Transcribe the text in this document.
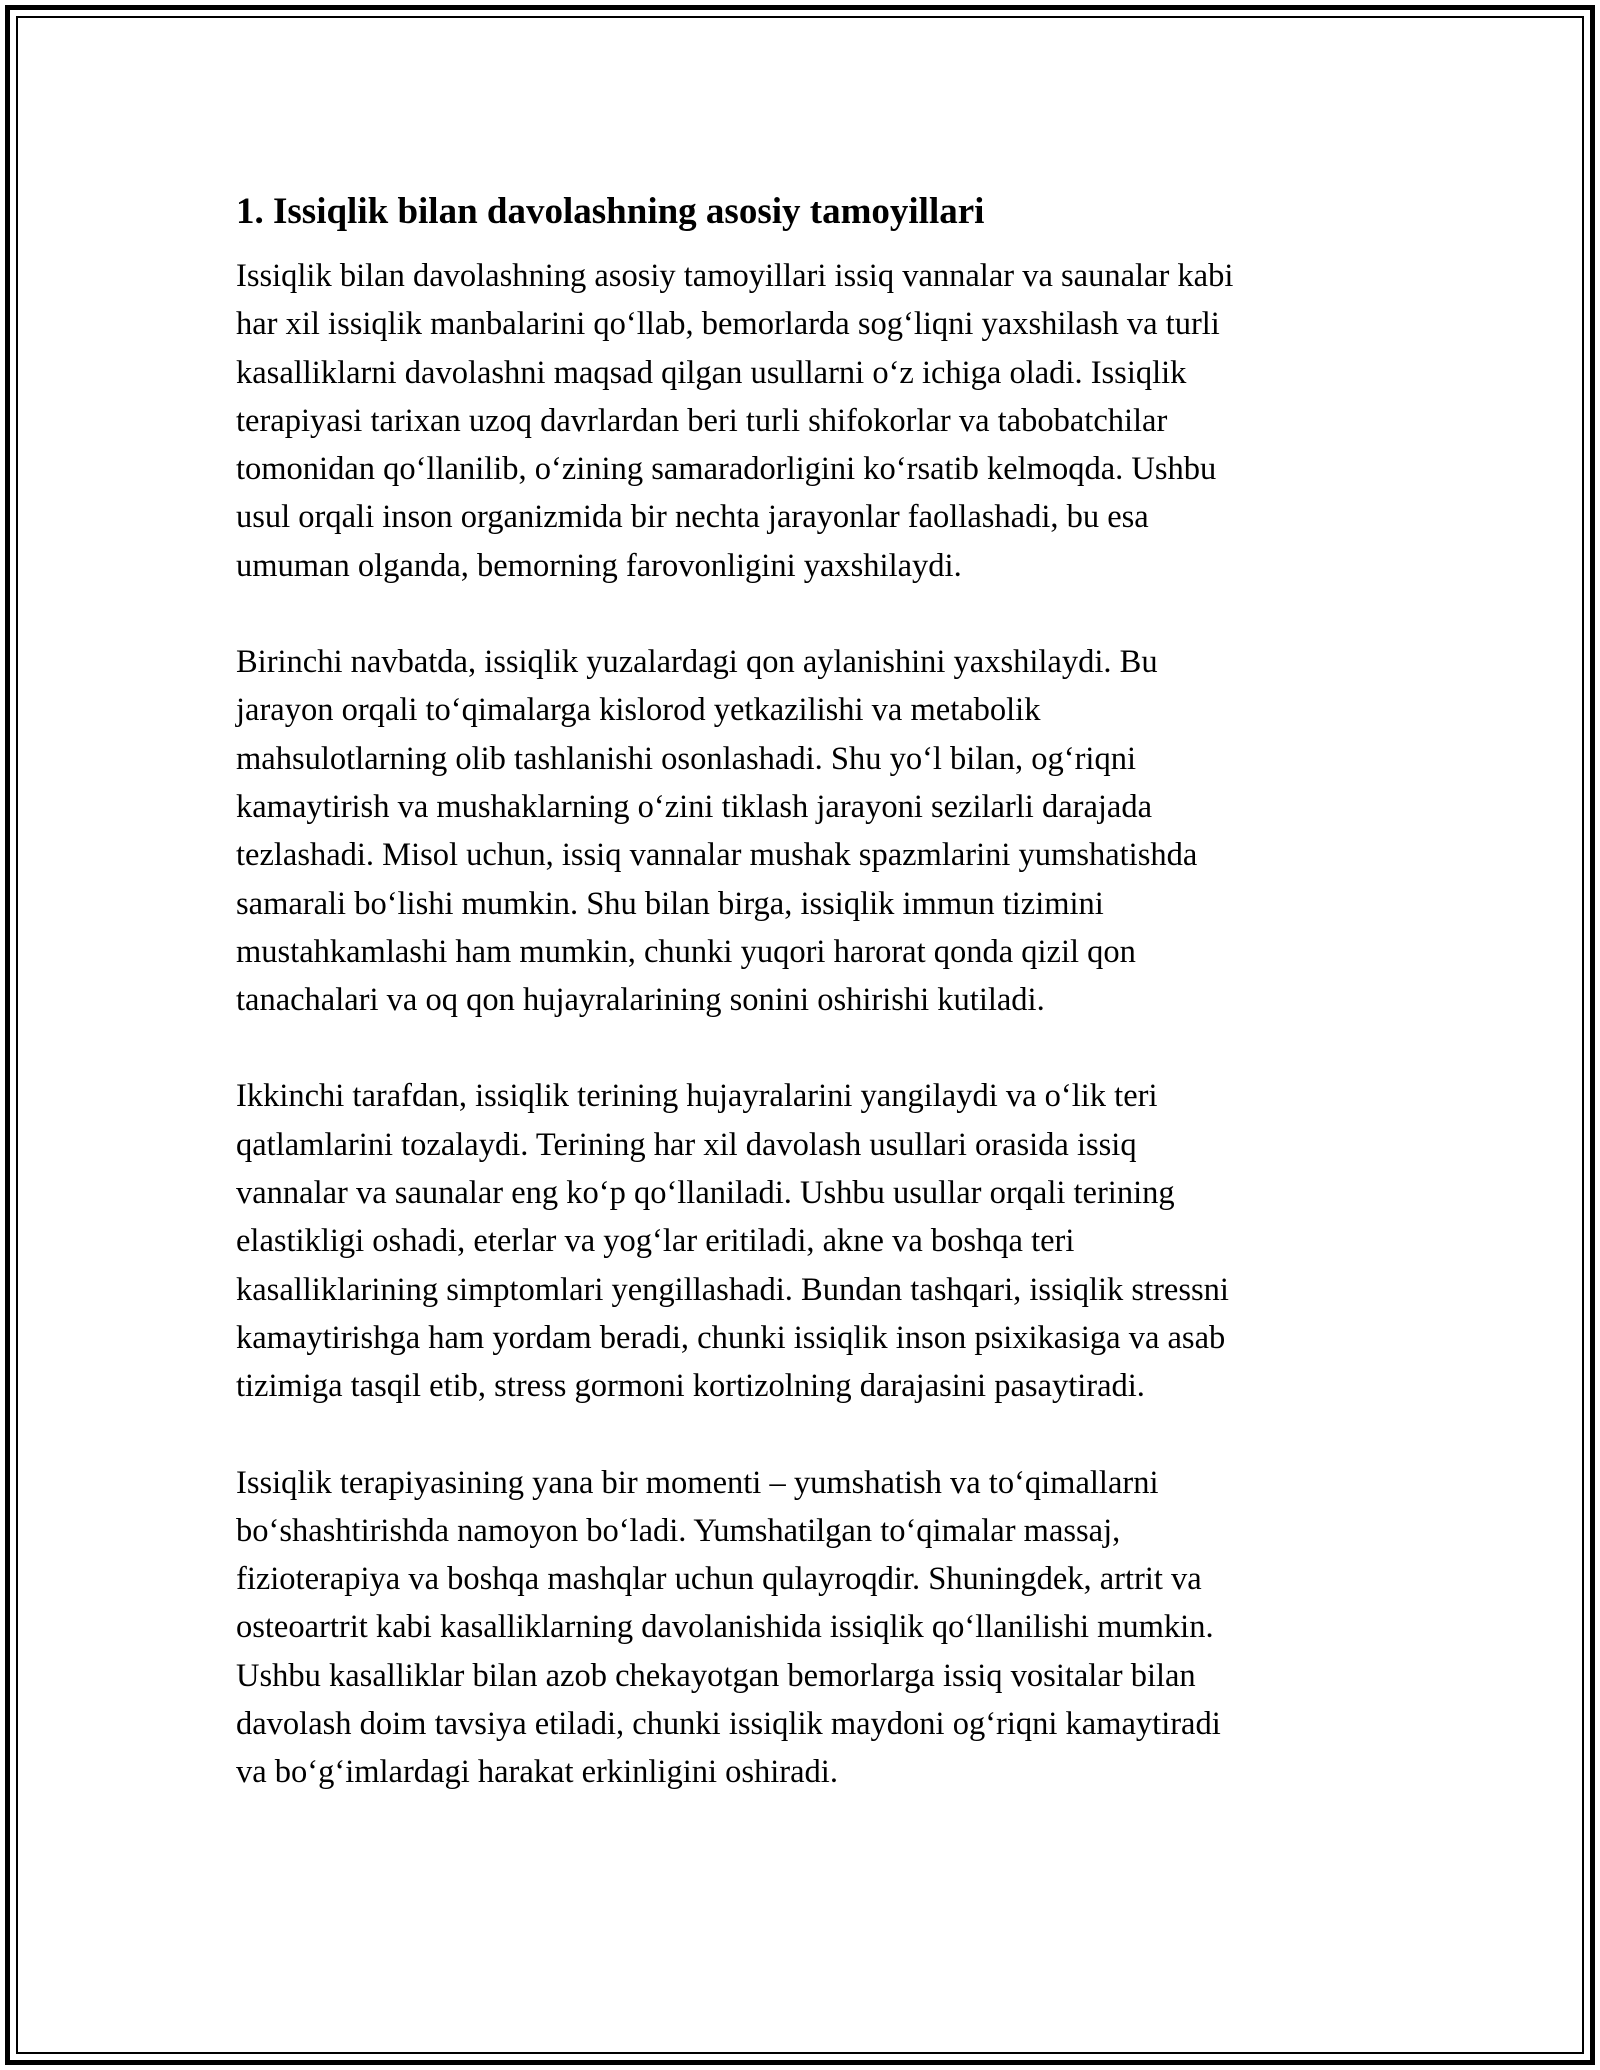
1. Issiqlik bilan davolashning asosiy tamoyillari
Issiqlik bilan davolashning asosiy tamoyillari issiq vannalar va saunalar kabi
har xil issiqlik manbalarini qo‘llab, bemorlarda sog‘liqni yaxshilash va turli
kasalliklarni davolashni maqsad qilgan usullarni o‘z ichiga oladi. Issiqlik
terapiyasi tarixan uzoq davrlardan beri turli shifokorlar va tabobatchilar
tomonidan qo‘llanilib, o‘zining samaradorligini ko‘rsatib kelmoqda. Ushbu
usul orqali inson organizmida bir nechta jarayonlar faollashadi, bu esa
umuman olganda, bemorning farovonligini yaxshilaydi.
Birinchi navbatda, issiqlik yuzalardagi qon aylanishini yaxshilaydi. Bu
jarayon orqali to‘qimalarga kislorod yetkazilishi va metabolik
mahsulotlarning olib tashlanishi osonlashadi. Shu yo‘l bilan, og‘riqni
kamaytirish va mushaklarning o‘zini tiklash jarayoni sezilarli darajada
tezlashadi. Misol uchun, issiq vannalar mushak spazmlarini yumshatishda
samarali bo‘lishi mumkin. Shu bilan birga, issiqlik immun tizimini
mustahkamlashi ham mumkin, chunki yuqori harorat qonda qizil qon
tanachalari va oq qon hujayralarining sonini oshirishi kutiladi.
Ikkinchi tarafdan, issiqlik terining hujayralarini yangilaydi va o‘lik teri
qatlamlarini tozalaydi. Terining har xil davolash usullari orasida issiq
vannalar va saunalar eng ko‘p qo‘llaniladi. Ushbu usullar orqali terining
elastikligi oshadi, eterlar va yog‘lar eritiladi, akne va boshqa teri
kasalliklarining simptomlari yengillashadi. Bundan tashqari, issiqlik stressni
kamaytirishga ham yordam beradi, chunki issiqlik inson psixikasiga va asab
tizimiga tasqil etib, stress gormoni kortizolning darajasini pasaytiradi.
Issiqlik terapiyasining yana bir momenti – yumshatish va to‘qimallarni
bo‘shashtirishda namoyon bo‘ladi. Yumshatilgan to‘qimalar massaj,
fizioterapiya va boshqa mashqlar uchun qulayroqdir. Shuningdek, artrit va
osteoartrit kabi kasalliklarning davolanishida issiqlik qo‘llanilishi mumkin.
Ushbu kasalliklar bilan azob chekayotgan bemorlarga issiq vositalar bilan
davolash doim tavsiya etiladi, chunki issiqlik maydoni og‘riqni kamaytiradi
va bo‘g‘imlardagi harakat erkinligini oshiradi.
